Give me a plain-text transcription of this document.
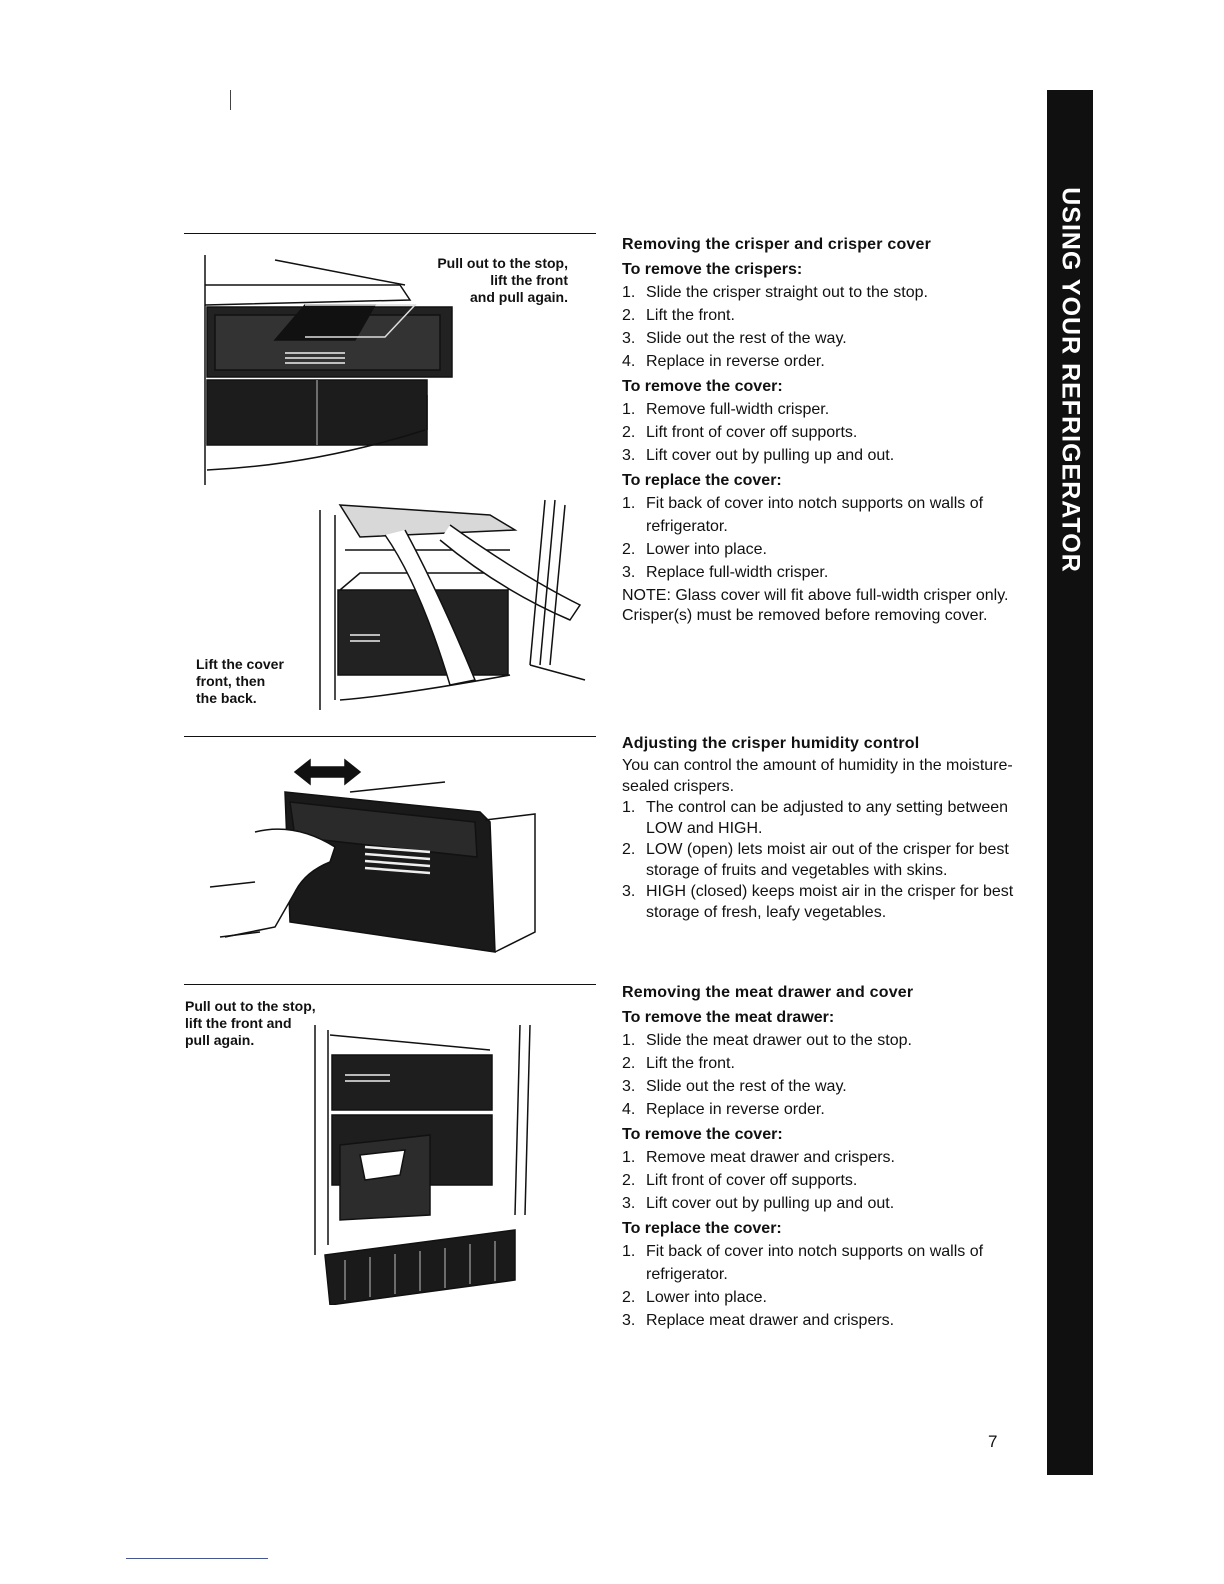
Pull out to the stop,
lift the front
and pull again.
Lift the cover
front, then
the back.
Pull out to the stop,
lift the front and
pull again.
Removing the crisper and crisper cover
To remove the crispers:
1. Slide the crisper straight out to the stop.
2. Lift the front.
3. Slide out the rest of the way.
4. Replace in reverse order.
To remove the cover:
1. Remove full-width crisper.
2. Lift front of cover off supports.
3. Lift cover out by pulling up and out.
To replace the cover:
1. Fit back of cover into notch supports on walls of refrigerator.
2. Lower into place.
3. Replace full-width crisper.

NOTE: Glass cover will fit above full-width crisper only. Crisper(s) must be removed before removing cover.

Adjusting the crisper humidity control

You can control the amount of humidity in the moisture-sealed crispers.

1. The control can be adjusted to any setting between LOW and HIGH.
2. LOW (open) lets moist air out of the crisper for best storage of fruits and vegetables with skins.
3. HIGH (closed) keeps moist air in the crisper for best storage of fresh, leafy vegetables.
Removing the meat drawer and cover
To remove the meat drawer:
1. Slide the meat drawer out to the stop.
2. Lift the front.
3. Slide out the rest of the way.
4. Replace in reverse order.
To remove the cover:
1. Remove meat drawer and crispers.
2. Lift front of cover off supports.
3. Lift cover out by pulling up and out.
To replace the cover:
1. Fit back of cover into notch supports on walls of refrigerator.
2. Lower into place.
3. Replace meat drawer and crispers.
USING YOUR REFRIGERATOR
7
